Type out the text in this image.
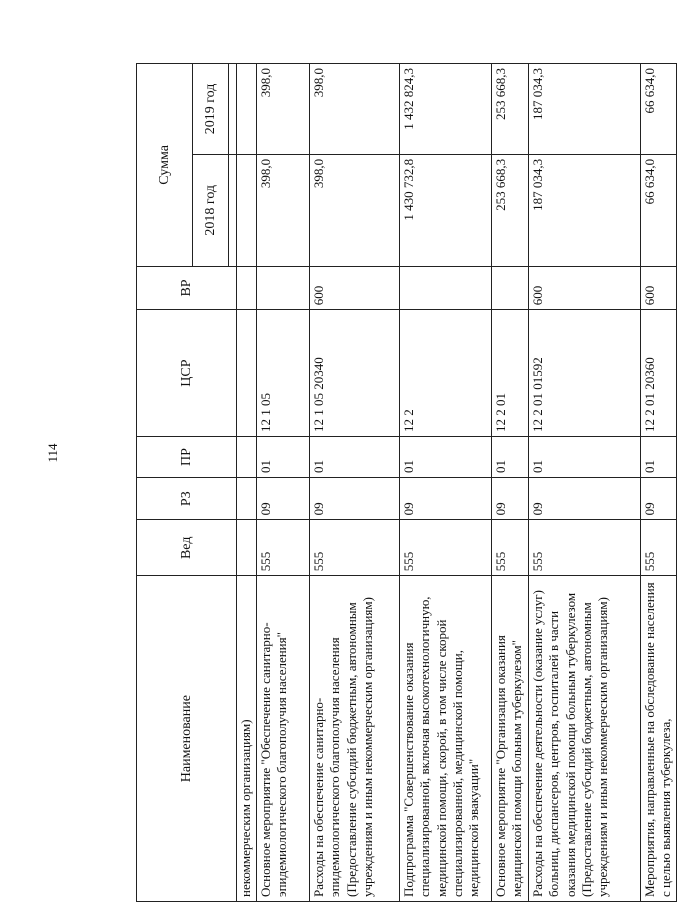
114
Наименование	Вед	РЗ	ПР	ЦСР	ВР	Сумма	
						2018 год	2019 год

некоммерческим организациям)							
Основное мероприятие "Обеспечение санитарно-эпидемиологического благополучия населения"	555	09	01	12 1 05		398,0	398,0
Расходы на обеспечение санитарно-эпидемиологического благополучия населения (Предоставление субсидий бюджетным, автономным учреждениям и иным некоммерческим организациям)	555	09	01	12 1 05 20340	600	398,0	398,0
Подпрограмма "Совершенствование оказания специализированной, включая высокотехнологичную, медицинской помощи, скорой, в том числе скорой специализированной, медицинской помощи, медицинской эвакуации"	555	09	01	12 2		1 430 732,8	1 432 824,3
Основное мероприятие "Организация оказания медицинской помощи больным туберкулезом"	555	09	01	12 2 01		253 668,3	253 668,3
Расходы на обеспечение деятельности (оказание услуг) больниц, диспансеров, центров, госпиталей в части оказания медицинской помощи больным туберкулезом (Предоставление субсидий бюджетным, автономным учреждениям и иным некоммерческим организациям)	555	09	01	12 2 01 01592	600	187 034,3	187 034,3
Мероприятия, направленные на обследование населения с целью выявления туберкулеза,	555	09	01	12 2 01 20360	600	66 634,0	66 634,0
